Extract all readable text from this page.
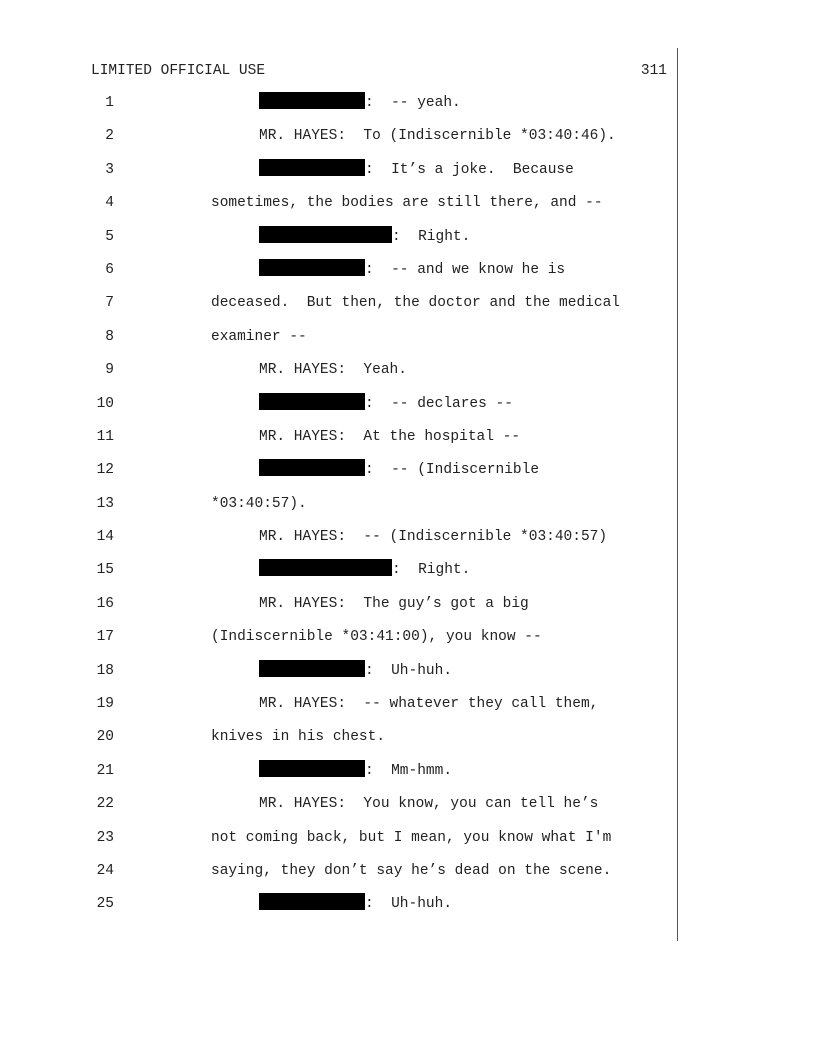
LIMITED OFFICIAL USE	311
1	:  -- yeah.
2	MR. HAYES:  To (Indiscernible *03:40:46).
3	:  It’s a joke.  Because
4	sometimes, the bodies are still there, and --
5	:  Right.
6	:  -- and we know he is
7	deceased.  But then, the doctor and the medical
8	examiner --
9	MR. HAYES:  Yeah.
10	:  -- declares --
11	MR. HAYES:  At the hospital --
12	:  -- (Indiscernible
13	*03:40:57).
14	MR. HAYES:  -- (Indiscernible *03:40:57)
15	:  Right.
16	MR. HAYES:  The guy’s got a big
17	(Indiscernible *03:41:00), you know --
18	:  Uh-huh.
19	MR. HAYES:  -- whatever they call them,
20	knives in his chest.
21	:  Mm-hmm.
22	MR. HAYES:  You know, you can tell he’s
23	not coming back, but I mean, you know what I'm
24	saying, they don’t say he’s dead on the scene.
25	:  Uh-huh.
